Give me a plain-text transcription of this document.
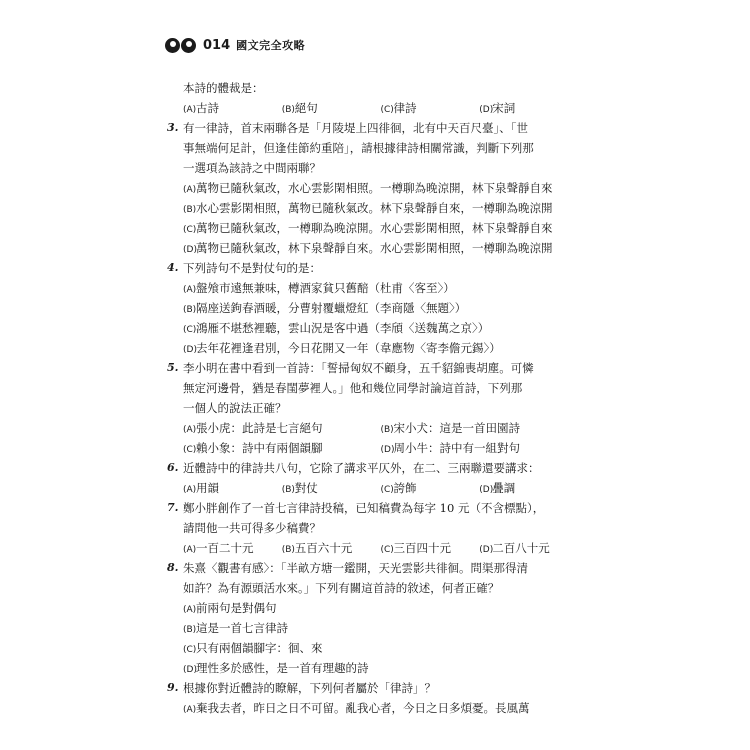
014 國文完全攻略
本詩的體裁是：
(A)古詩	(B)絕句	(C)律詩	(D)宋詞
3. 有一律詩，首末兩聯各是「月陵堤上四徘徊，北有中天百尺臺」、「世
事無端何足計，但逢佳節約重陪」，請根據律詩相關常識，判斷下列那
一選項為該詩之中間兩聯？
(A)萬物已隨秋氣改，水心雲影閑相照。一樽聊為晚涼開，林下泉聲靜自來
(B)水心雲影閑相照，萬物已隨秋氣改。林下泉聲靜自來，一樽聊為晚涼開
(C)萬物已隨秋氣改，一樽聊為晚涼開。水心雲影閑相照，林下泉聲靜自來
(D)萬物已隨秋氣改，林下泉聲靜自來。水心雲影閑相照，一樽聊為晚涼開
4. 下列詩句不是對仗句的是：
(A)盤飧市遠無兼味，樽酒家貧只舊醅（杜甫〈客至〉）
(B)隔座送鉤春酒暖，分曹射覆蠟燈紅（李商隱〈無題〉）
(C)鴻雁不堪愁裡聽，雲山況是客中過（李頎〈送魏萬之京〉）
(D)去年花裡逢君別，今日花開又一年（韋應物〈寄李儋元錫〉）
5. 李小明在書中看到一首詩：「誓掃匈奴不顧身，五千貂錦喪胡塵。可憐
無定河邊骨，猶是春閨夢裡人。」他和幾位同學討論這首詩，下列那
一個人的說法正確？
(A)張小虎：此詩是七言絕句	(B)宋小犬：這是一首田園詩
(C)賴小象：詩中有兩個韻腳	(D)周小牛：詩中有一組對句
6. 近體詩中的律詩共八句，它除了講求平仄外，在二、三兩聯還要講求：
(A)用韻	(B)對仗	(C)誇飾	(D)疊調
7. 鄭小胖創作了一首七言律詩投稿，已知稿費為每字 10 元（不含標點），
請問他一共可得多少稿費？
(A)一百二十元	(B)五百六十元	(C)三百四十元	(D)二百八十元
8. 朱熹〈觀書有感〉：「半畝方塘一鑑開，天光雲影共徘徊。問渠那得清
如許？為有源頭活水來。」下列有關這首詩的敘述，何者正確？
(A)前兩句是對偶句
(B)這是一首七言律詩
(C)只有兩個韻腳字：徊、來
(D)理性多於感性，是一首有理趣的詩
9. 根據你對近體詩的瞭解，下列何者屬於「律詩」？
(A)棄我去者，昨日之日不可留。亂我心者，今日之日多煩憂。長風萬
